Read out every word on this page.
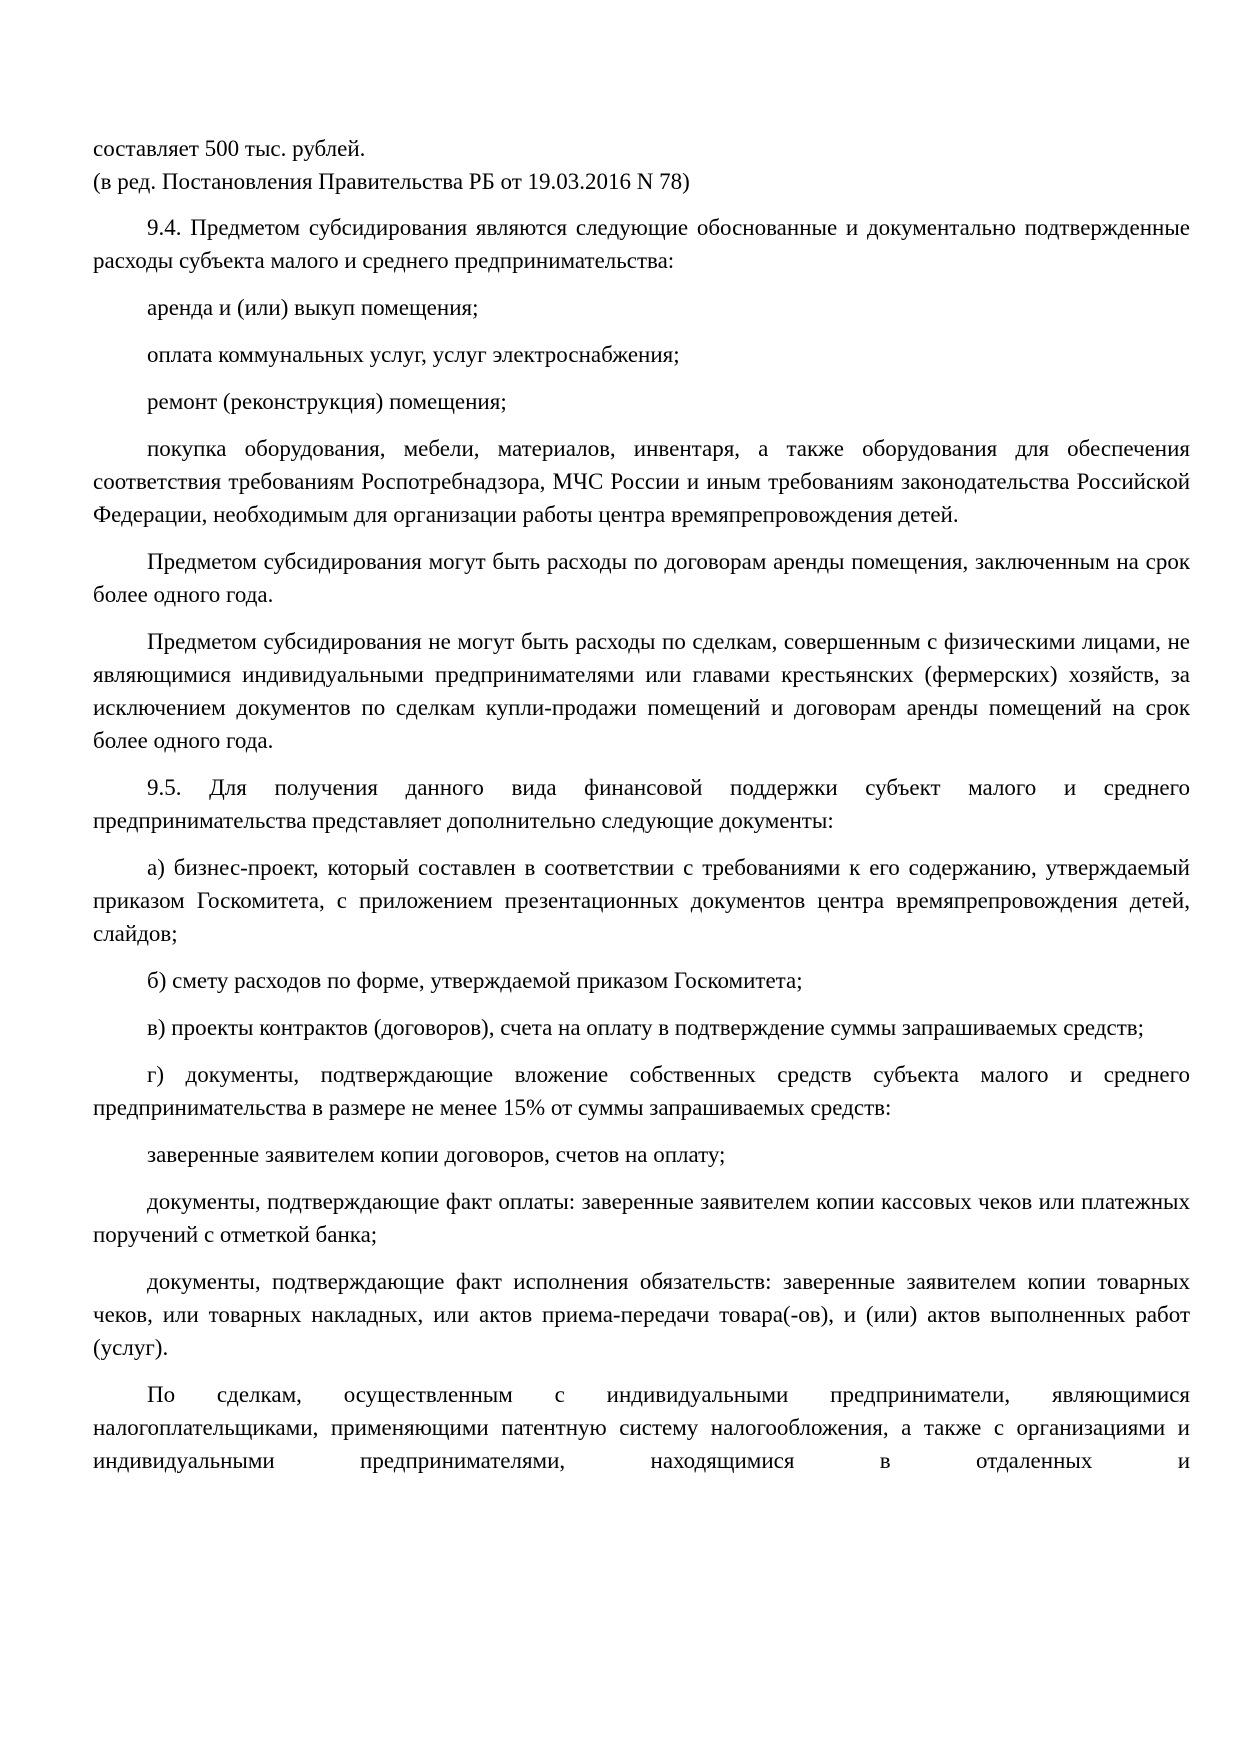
составляет 500 тыс. рублей.

(в ред. Постановления Правительства РБ от 19.03.2016 N 78)

9.4. Предметом субсидирования являются следующие обоснованные и документально подтвержденные расходы субъекта малого и среднего предпринимательства:

аренда и (или) выкуп помещения;

оплата коммунальных услуг, услуг электроснабжения;

ремонт (реконструкция) помещения;

покупка оборудования, мебели, материалов, инвентаря, а также оборудования для обеспечения соответствия требованиям Роспотребнадзора, МЧС России и иным требованиям законодательства Российской Федерации, необходимым для организации работы центра времяпрепровождения детей.

Предметом субсидирования могут быть расходы по договорам аренды помещения, заключенным на срок более одного года.

Предметом субсидирования не могут быть расходы по сделкам, совершенным с физическими лицами, не являющимися индивидуальными предпринимателями или главами крестьянских (фермерских) хозяйств, за исключением документов по сделкам купли-продажи помещений и договорам аренды помещений на срок более одного года.

9.5. Для получения данного вида финансовой поддержки субъект малого и среднего предпринимательства представляет дополнительно следующие документы:

а) бизнес-проект, который составлен в соответствии с требованиями к его содержанию, утверждаемый приказом Госкомитета, с приложением презентационных документов центра времяпрепровождения детей, слайдов;

б) смету расходов по форме, утверждаемой приказом Госкомитета;

в) проекты контрактов (договоров), счета на оплату в подтверждение суммы запрашиваемых средств;

г) документы, подтверждающие вложение собственных средств субъекта малого и среднего предпринимательства в размере не менее 15% от суммы запрашиваемых средств:

заверенные заявителем копии договоров, счетов на оплату;

документы, подтверждающие факт оплаты: заверенные заявителем копии кассовых чеков или платежных поручений с отметкой банка;

документы, подтверждающие факт исполнения обязательств: заверенные заявителем копии товарных чеков, или товарных накладных, или актов приема-передачи товара(-ов), и (или) актов выполненных работ (услуг).

По сделкам, осуществленным с индивидуальными предприниматели, являющимися налогоплательщиками, применяющими патентную систему налогообложения, а также с организациями и индивидуальными предпринимателями, находящимися в отдаленных и
